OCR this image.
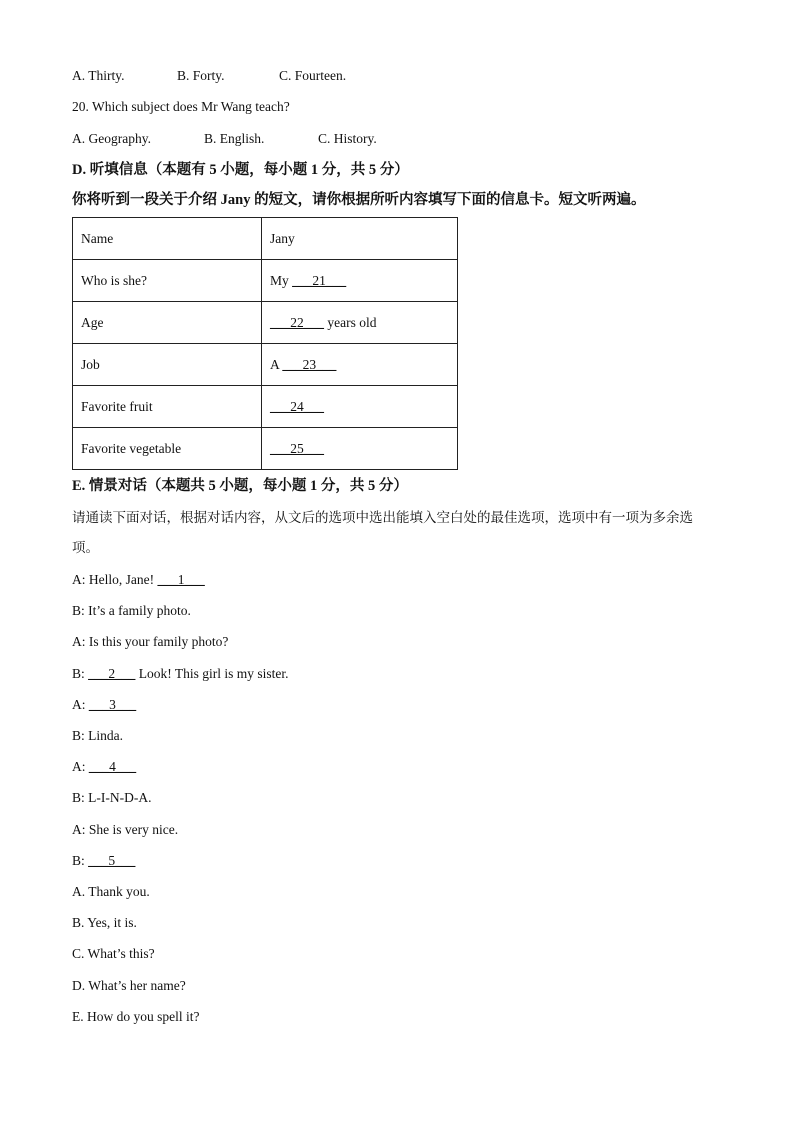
A. Thirty.	B. Forty.	C. Fourteen.
20. Which subject does Mr Wang teach?
A. Geography.	B. English.	C. History.
D. 听填信息（本题有 5 小题，每小题 1 分，共 5 分）
你将听到一段关于介绍 Jany 的短文，请你根据所听内容填写下面的信息卡。短文听两遍。
Name	Jany
Who is she?	My ___21___
Age	___22___ years old
Job	A ___23___
Favorite fruit	___24___
Favorite vegetable	___25___
E. 情景对话（本题共 5 小题，每小题 1 分，共 5 分）
请通读下面对话，根据对话内容，从文后的选项中选出能填入空白处的最佳选项，选项中有一项为多余选
项。
A: Hello, Jane! ___1___
B: It’s a family photo.
A: Is this your family photo?
B: ___2___ Look! This girl is my sister.
A: ___3___
B: Linda.
A: ___4___
B: L-I-N-D-A.
A: She is very nice.
B: ___5___
A. Thank you.
B. Yes, it is.
C. What’s this?
D. What’s her name?
E. How do you spell it?
